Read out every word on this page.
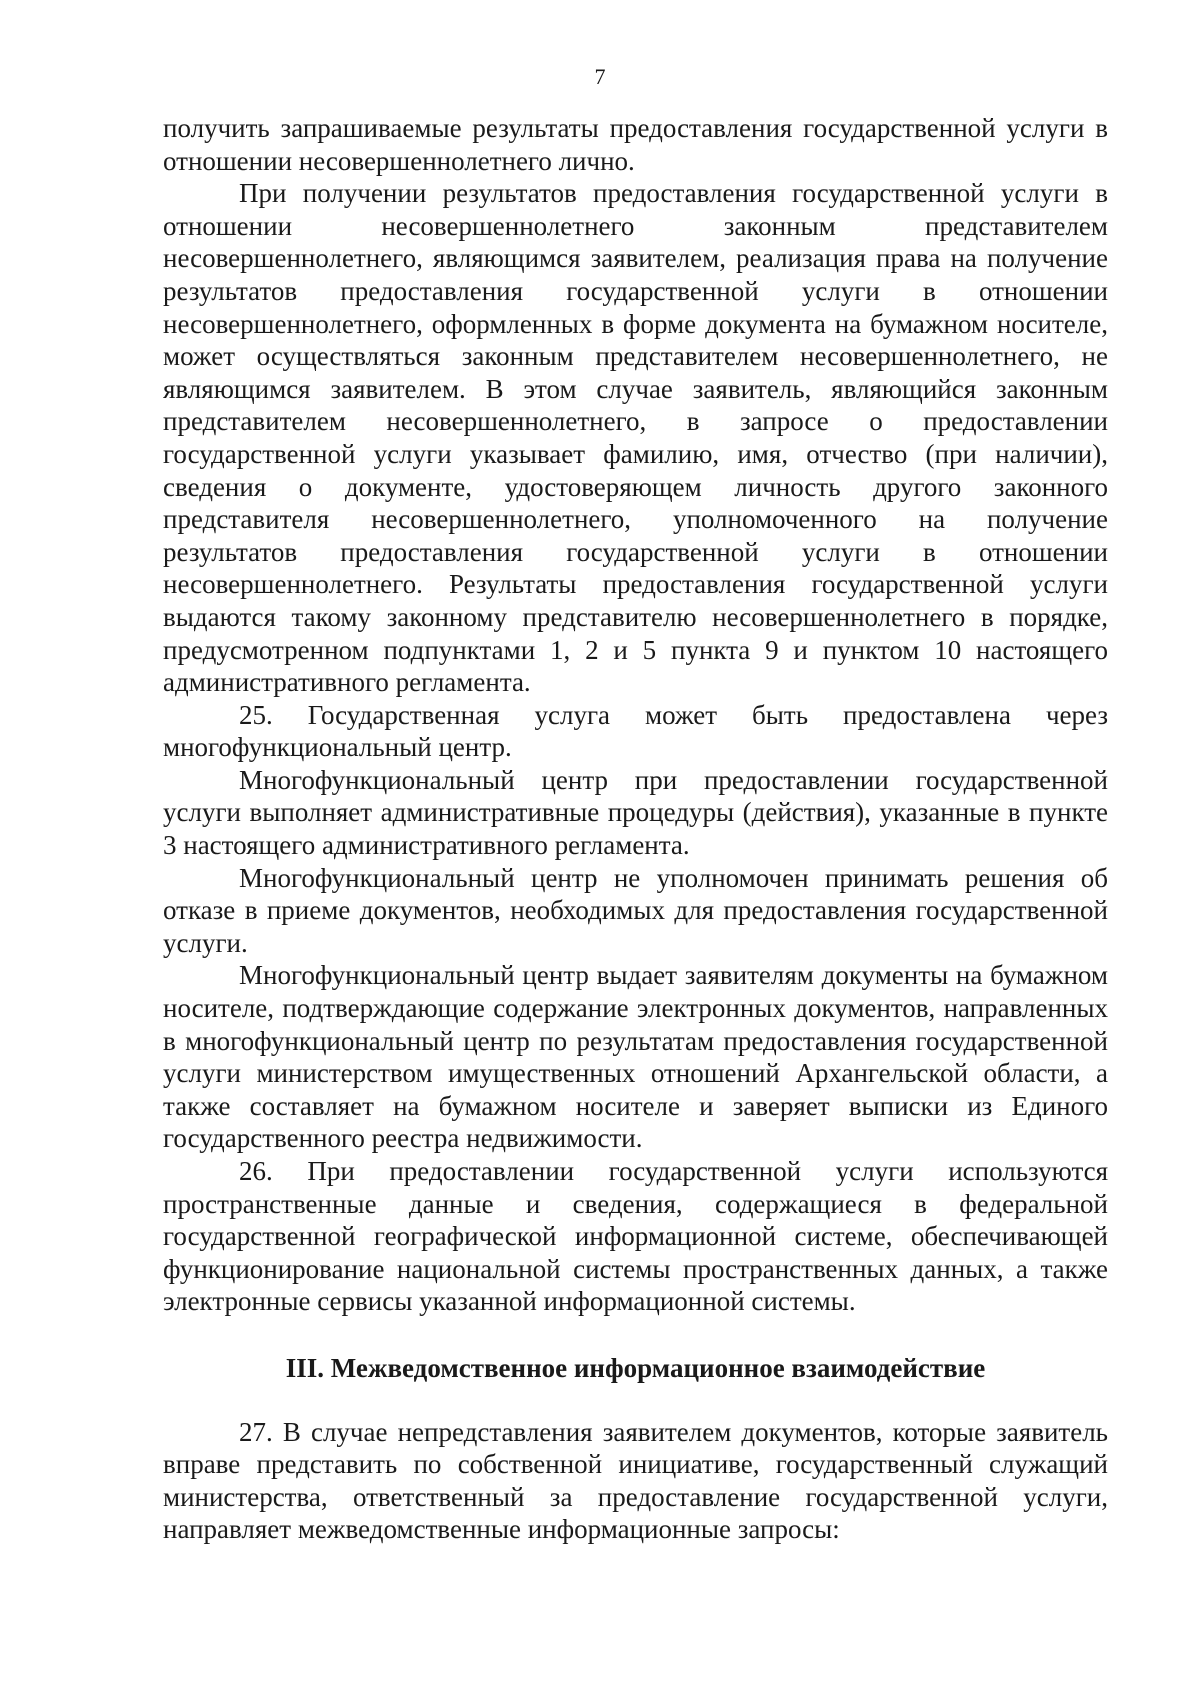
7

получить запрашиваемые результаты предоставления государственной услуги в отношении несовершеннолетнего лично.

При получении результатов предоставления государственной услуги в отношении несовершеннолетнего законным представителем несовершеннолетнего, являющимся заявителем, реализация права на получение результатов предоставления государственной услуги в отношении несовершеннолетнего, оформленных в форме документа на бумажном носителе, может осуществляться законным представителем несовершеннолетнего, не являющимся заявителем. В этом случае заявитель, являющийся законным представителем несовершеннолетнего, в запросе о предоставлении государственной услуги указывает фамилию, имя, отчество (при наличии), сведения о документе, удостоверяющем личность другого законного представителя несовершеннолетнего, уполномоченного на получение результатов предоставления государственной услуги в отношении несовершеннолетнего. Результаты предоставления государственной услуги выдаются такому законному представителю несовершеннолетнего в порядке, предусмотренном подпунктами 1, 2 и 5 пункта 9 и пунктом 10 настоящего административного регламента.

25. Государственная услуга может быть предоставлена через многофункциональный центр.

Многофункциональный центр при предоставлении государственной услуги выполняет административные процедуры (действия), указанные в пункте 3 настоящего административного регламента.

Многофункциональный центр не уполномочен принимать решения об отказе в приеме документов, необходимых для предоставления государственной услуги.

Многофункциональный центр выдает заявителям документы на бумажном носителе, подтверждающие содержание электронных документов, направленных в многофункциональный центр по результатам предоставления государственной услуги министерством имущественных отношений Архангельской области, а также составляет на бумажном носителе и заверяет выписки из Единого государственного реестра недвижимости.

26. При предоставлении государственной услуги используются пространственные данные и сведения, содержащиеся в федеральной государственной географической информационной системе, обеспечивающей функционирование национальной системы пространственных данных, а также электронные сервисы указанной информационной системы.

III. Межведомственное информационное взаимодействие

27. В случае непредставления заявителем документов, которые заявитель вправе представить по собственной инициативе, государственный служащий министерства, ответственный за предоставление государственной услуги, направляет межведомственные информационные запросы:
